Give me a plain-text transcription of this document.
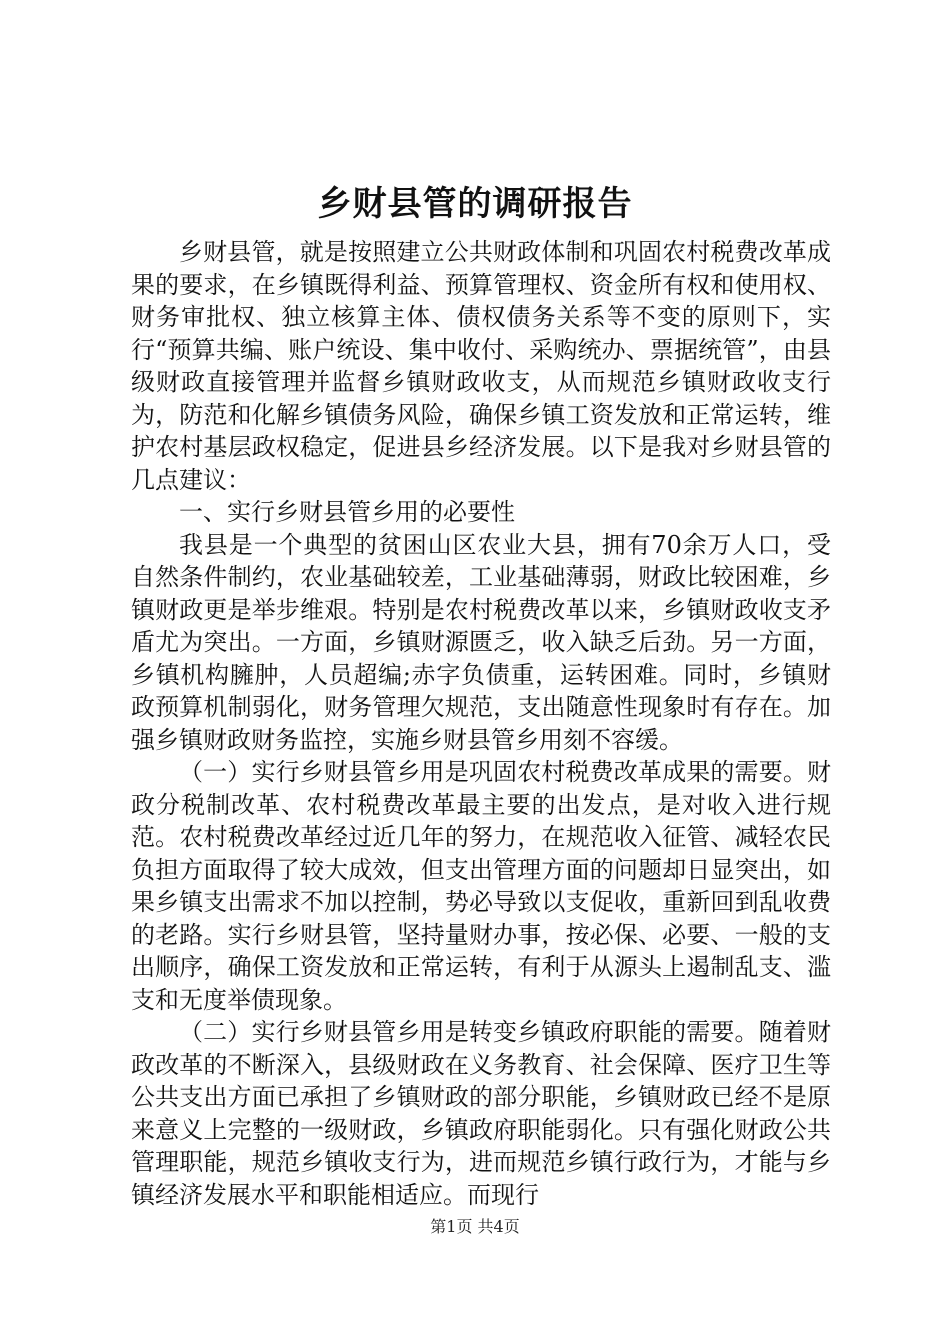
乡财县管的调研报告

乡财县管，就是按照建立公共财政体制和巩固农村税费改革成果的要求，在乡镇既得利益、预算管理权、资金所有权和使用权、财务审批权、独立核算主体、债权债务关系等不变的原则下，实行“预算共编、账户统设、集中收付、采购统办、票据统管”，由县级财政直接管理并监督乡镇财政收支，从而规范乡镇财政收支行为，防范和化解乡镇债务风险，确保乡镇工资发放和正常运转，维护农村基层政权稳定，促进县乡经济发展。以下是我对乡财县管的几点建议：

一、实行乡财县管乡用的必要性

我县是一个典型的贫困山区农业大县，拥有70余万人口，受自然条件制约，农业基础较差，工业基础薄弱，财政比较困难，乡镇财政更是举步维艰。特别是农村税费改革以来，乡镇财政收支矛盾尤为突出。一方面，乡镇财源匮乏，收入缺乏后劲。另一方面，乡镇机构臃肿，人员超编;赤字负债重，运转困难。同时，乡镇财政预算机制弱化，财务管理欠规范，支出随意性现象时有存在。加强乡镇财政财务监控，实施乡财县管乡用刻不容缓。

（一）实行乡财县管乡用是巩固农村税费改革成果的需要。财政分税制改革、农村税费改革最主要的出发点，是对收入进行规范。农村税费改革经过近几年的努力，在规范收入征管、减轻农民负担方面取得了较大成效，但支出管理方面的问题却日显突出，如果乡镇支出需求不加以控制，势必导致以支促收，重新回到乱收费的老路。实行乡财县管，坚持量财办事，按必保、必要、一般的支出顺序，确保工资发放和正常运转，有利于从源头上遏制乱支、滥支和无度举债现象。

（二）实行乡财县管乡用是转变乡镇政府职能的需要。随着财政改革的不断深入，县级财政在义务教育、社会保障、医疗卫生等公共支出方面已承担了乡镇财政的部分职能，乡镇财政已经不是原来意义上完整的一级财政，乡镇政府职能弱化。只有强化财政公共管理职能，规范乡镇收支行为，进而规范乡镇行政行为，才能与乡镇经济发展水平和职能相适应。而现行

第1页 共4页
